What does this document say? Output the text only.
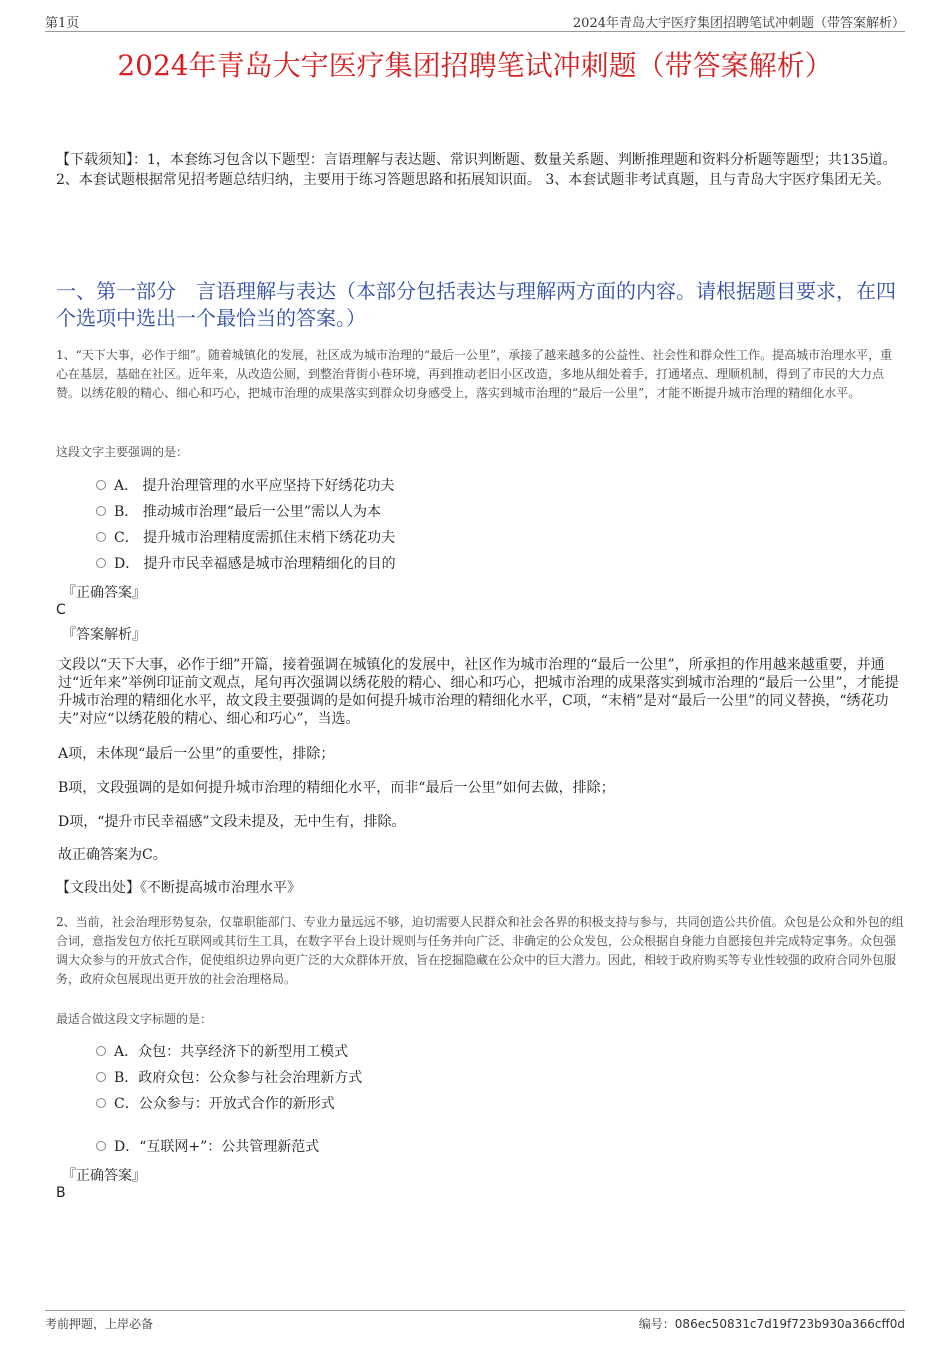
第1页	2024年青岛大宇医疗集团招聘笔试冲刺题（带答案解析）
2024年青岛大宇医疗集团招聘笔试冲刺题（带答案解析）
【下载须知】：1，本套练习包含以下题型：言语理解与表达题、常识判断题、数量关系题、判断推理题和资料分析题等题型；共135道。 2、本套试题根据常见招考题总结归纳，主要用于练习答题思路和拓展知识面。 3、本套试题非考试真题，且与青岛大宇医疗集团无关。
一、第一部分　言语理解与表达（本部分包括表达与理解两方面的内容。请根据题目要求，在四个选项中选出一个最恰当的答案。）
1、“天下大事，必作于细”。随着城镇化的发展，社区成为城市治理的“最后一公里”，承接了越来越多的公益性、社会性和群众性工作。提高城市治理水平，重心在基层，基础在社区。近年来，从改造公厕，到整治背街小巷环境，再到推动老旧小区改造，多地从细处着手，打通堵点、理顺机制，得到了市民的大力点赞。以绣花般的精心、细心和巧心，把城市治理的成果落实到群众切身感受上，落实到城市治理的“最后一公里”，才能不断提升城市治理的精细化水平。
这段文字主要强调的是：
A． 提升治理管理的水平应坚持下好绣花功夫
B． 推动城市治理“最后一公里”需以人为本
C． 提升城市治理精度需抓住末梢下绣花功夫
D． 提升市民幸福感是城市治理精细化的目的
『正确答案』
C
『答案解析』
文段以“天下大事，必作于细”开篇，接着强调在城镇化的发展中，社区作为城市治理的“最后一公里”，所承担的作用越来越重要，并通过“近年来”举例印证前文观点，尾句再次强调以绣花般的精心、细心和巧心，把城市治理的成果落实到城市治理的“最后一公里”，才能提升城市治理的精细化水平，故文段主要强调的是如何提升城市治理的精细化水平，C项，“末梢”是对“最后一公里”的同义替换，“绣花功夫”对应“以绣花般的精心、细心和巧心”，当选。
A项，未体现“最后一公里”的重要性，排除；
B项，文段强调的是如何提升城市治理的精细化水平，而非“最后一公里”如何去做，排除；
D项，“提升市民幸福感”文段未提及，无中生有，排除。
故正确答案为C。
【文段出处】《不断提高城市治理水平》
2、当前，社会治理形势复杂，仅靠职能部门、专业力量远远不够，迫切需要人民群众和社会各界的积极支持与参与，共同创造公共价值。众包是公众和外包的组合词，意指发包方依托互联网或其衍生工具，在数字平台上设计规则与任务并向广泛、非确定的公众发包，公众根据自身能力自愿接包并完成特定事务。众包强调大众参与的开放式合作，促使组织边界向更广泛的大众群体开放，旨在挖掘隐藏在公众中的巨大潜力。因此，相较于政府购买等专业性较强的政府合同外包服务，政府众包展现出更开放的社会治理格局。
最适合做这段文字标题的是：
A．众包：共享经济下的新型用工模式
B．政府众包：公众参与社会治理新方式
C．公众参与：开放式合作的新形式
D．“互联网+”：公共管理新范式
『正确答案』
B
考前押题，上岸必备	编号：086ec50831c7d19f723b930a366cff0d
